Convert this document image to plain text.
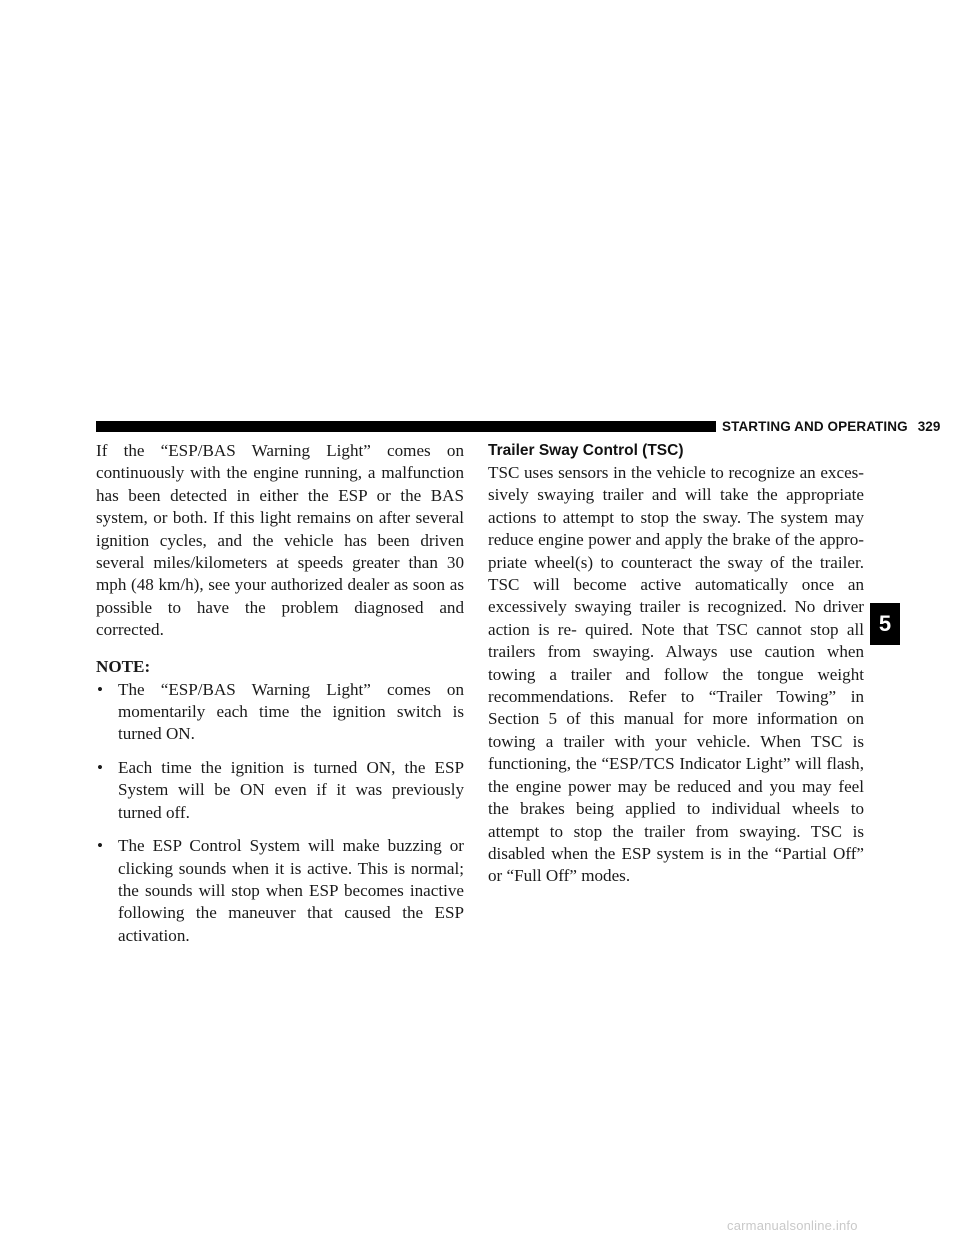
STARTING AND OPERATING 329

If the “ESP/BAS Warning Light” comes on continuously with the engine running, a malfunction has been detected in either the ESP or the BAS system, or both. If this light remains on after several ignition cycles, and the vehicle has been driven several miles/kilometers at speeds greater than 30 mph (48 km/h), see your authorized dealer as soon as possible to have the problem diagnosed and corrected.

NOTE:

• The “ESP/BAS Warning Light” comes on momentarily each time the ignition switch is turned ON.
• Each time the ignition is turned ON, the ESP System will be ON even if it was previously turned off.
• The ESP Control System will make buzzing or clicking sounds when it is active. This is normal; the sounds will stop when ESP becomes inactive following the maneuver that caused the ESP activation.
Trailer Sway Control (TSC)

TSC uses sensors in the vehicle to recognize an exces- sively swaying trailer and will take the appropriate actions to attempt to stop the sway. The system may reduce engine power and apply the brake of the appro- priate wheel(s) to counteract the sway of the trailer. TSC will become active automatically once an excessively swaying trailer is recognized. No driver action is re- quired. Note that TSC cannot stop all trailers from swaying. Always use caution when towing a trailer and follow the tongue weight recommendations. Refer to “Trailer Towing” in Section 5 of this manual for more information on towing a trailer with your vehicle. When TSC is functioning, the “ESP/TCS Indicator Light” will flash, the engine power may be reduced and you may feel the brakes being applied to individual wheels to attempt to stop the trailer from swaying. TSC is disabled when the ESP system is in the “Partial Off” or “Full Off” modes.

5
carmanualsonline.info
